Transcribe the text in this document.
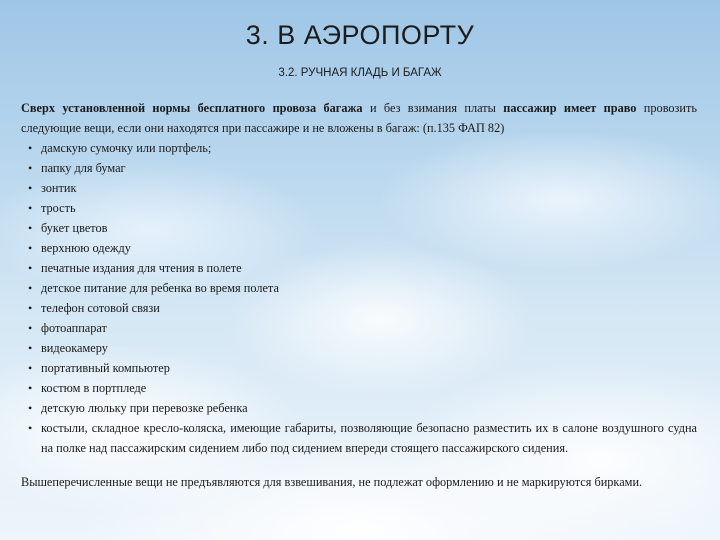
3. В АЭРОПОРТУ
3.2. РУЧНАЯ КЛАДЬ И БАГАЖ

Сверх установленной нормы бесплатного провоза багажа и без взимания платы пассажир имеет право провозить следующие вещи, если они находятся при пассажире и не вложены в багаж: (п.135 ФАП 82)

• дамскую сумочку или портфель;
• папку для бумаг
• зонтик
• трость
• букет цветов
• верхнюю одежду
• печатные издания для чтения в полете
• детское питание для ребенка во время полета
• телефон сотовой связи
• фотоаппарат
• видеокамеру
• портативный компьютер
• костюм в портпледе
• детскую люльку при перевозке ребенка
• костыли, складное кресло-коляска, имеющие габариты, позволяющие безопасно разместить их в салоне воздушного судна на полке над пассажирским сидением либо под сидением впереди стоящего пассажирского сидения.

Вышеперечисленные вещи не предъявляются для взвешивания, не подлежат оформлению и не маркируются бирками.
